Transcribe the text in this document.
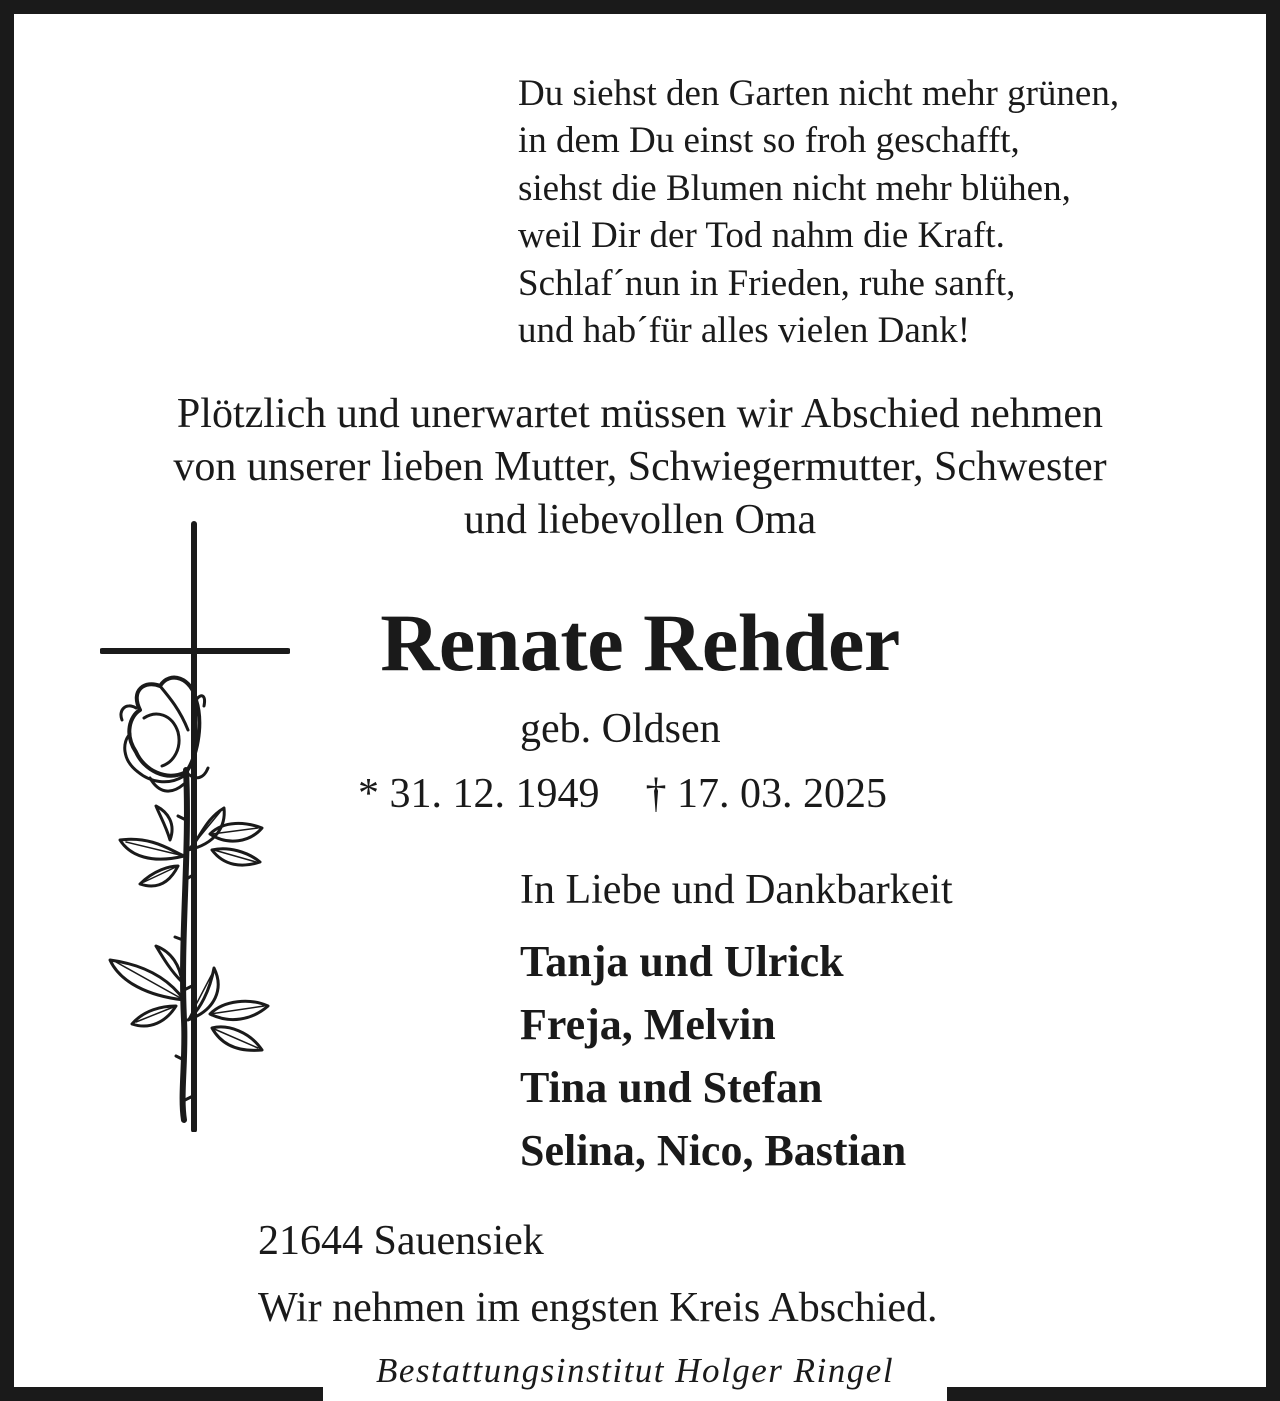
Du siehst den Garten nicht mehr grünen,
in dem Du einst so froh geschafft,
siehst die Blumen nicht mehr blühen,
weil Dir der Tod nahm die Kraft.
Schlaf´nun in Frieden, ruhe sanft,
und hab´für alles vielen Dank!
Plötzlich und unerwartet müssen wir Abschied nehmen
von unserer lieben Mutter, Schwiegermutter, Schwester
und liebevollen Oma
Renate Rehder
geb. Oldsen
* 31. 12. 1949 † 17. 03. 2025
In Liebe und Dankbarkeit
Tanja und Ulrick
Freja, Melvin
Tina und Stefan
Selina, Nico, Bastian
21644 Sauensiek
Wir nehmen im engsten Kreis Abschied.
Bestattungsinstitut Holger Ringel
